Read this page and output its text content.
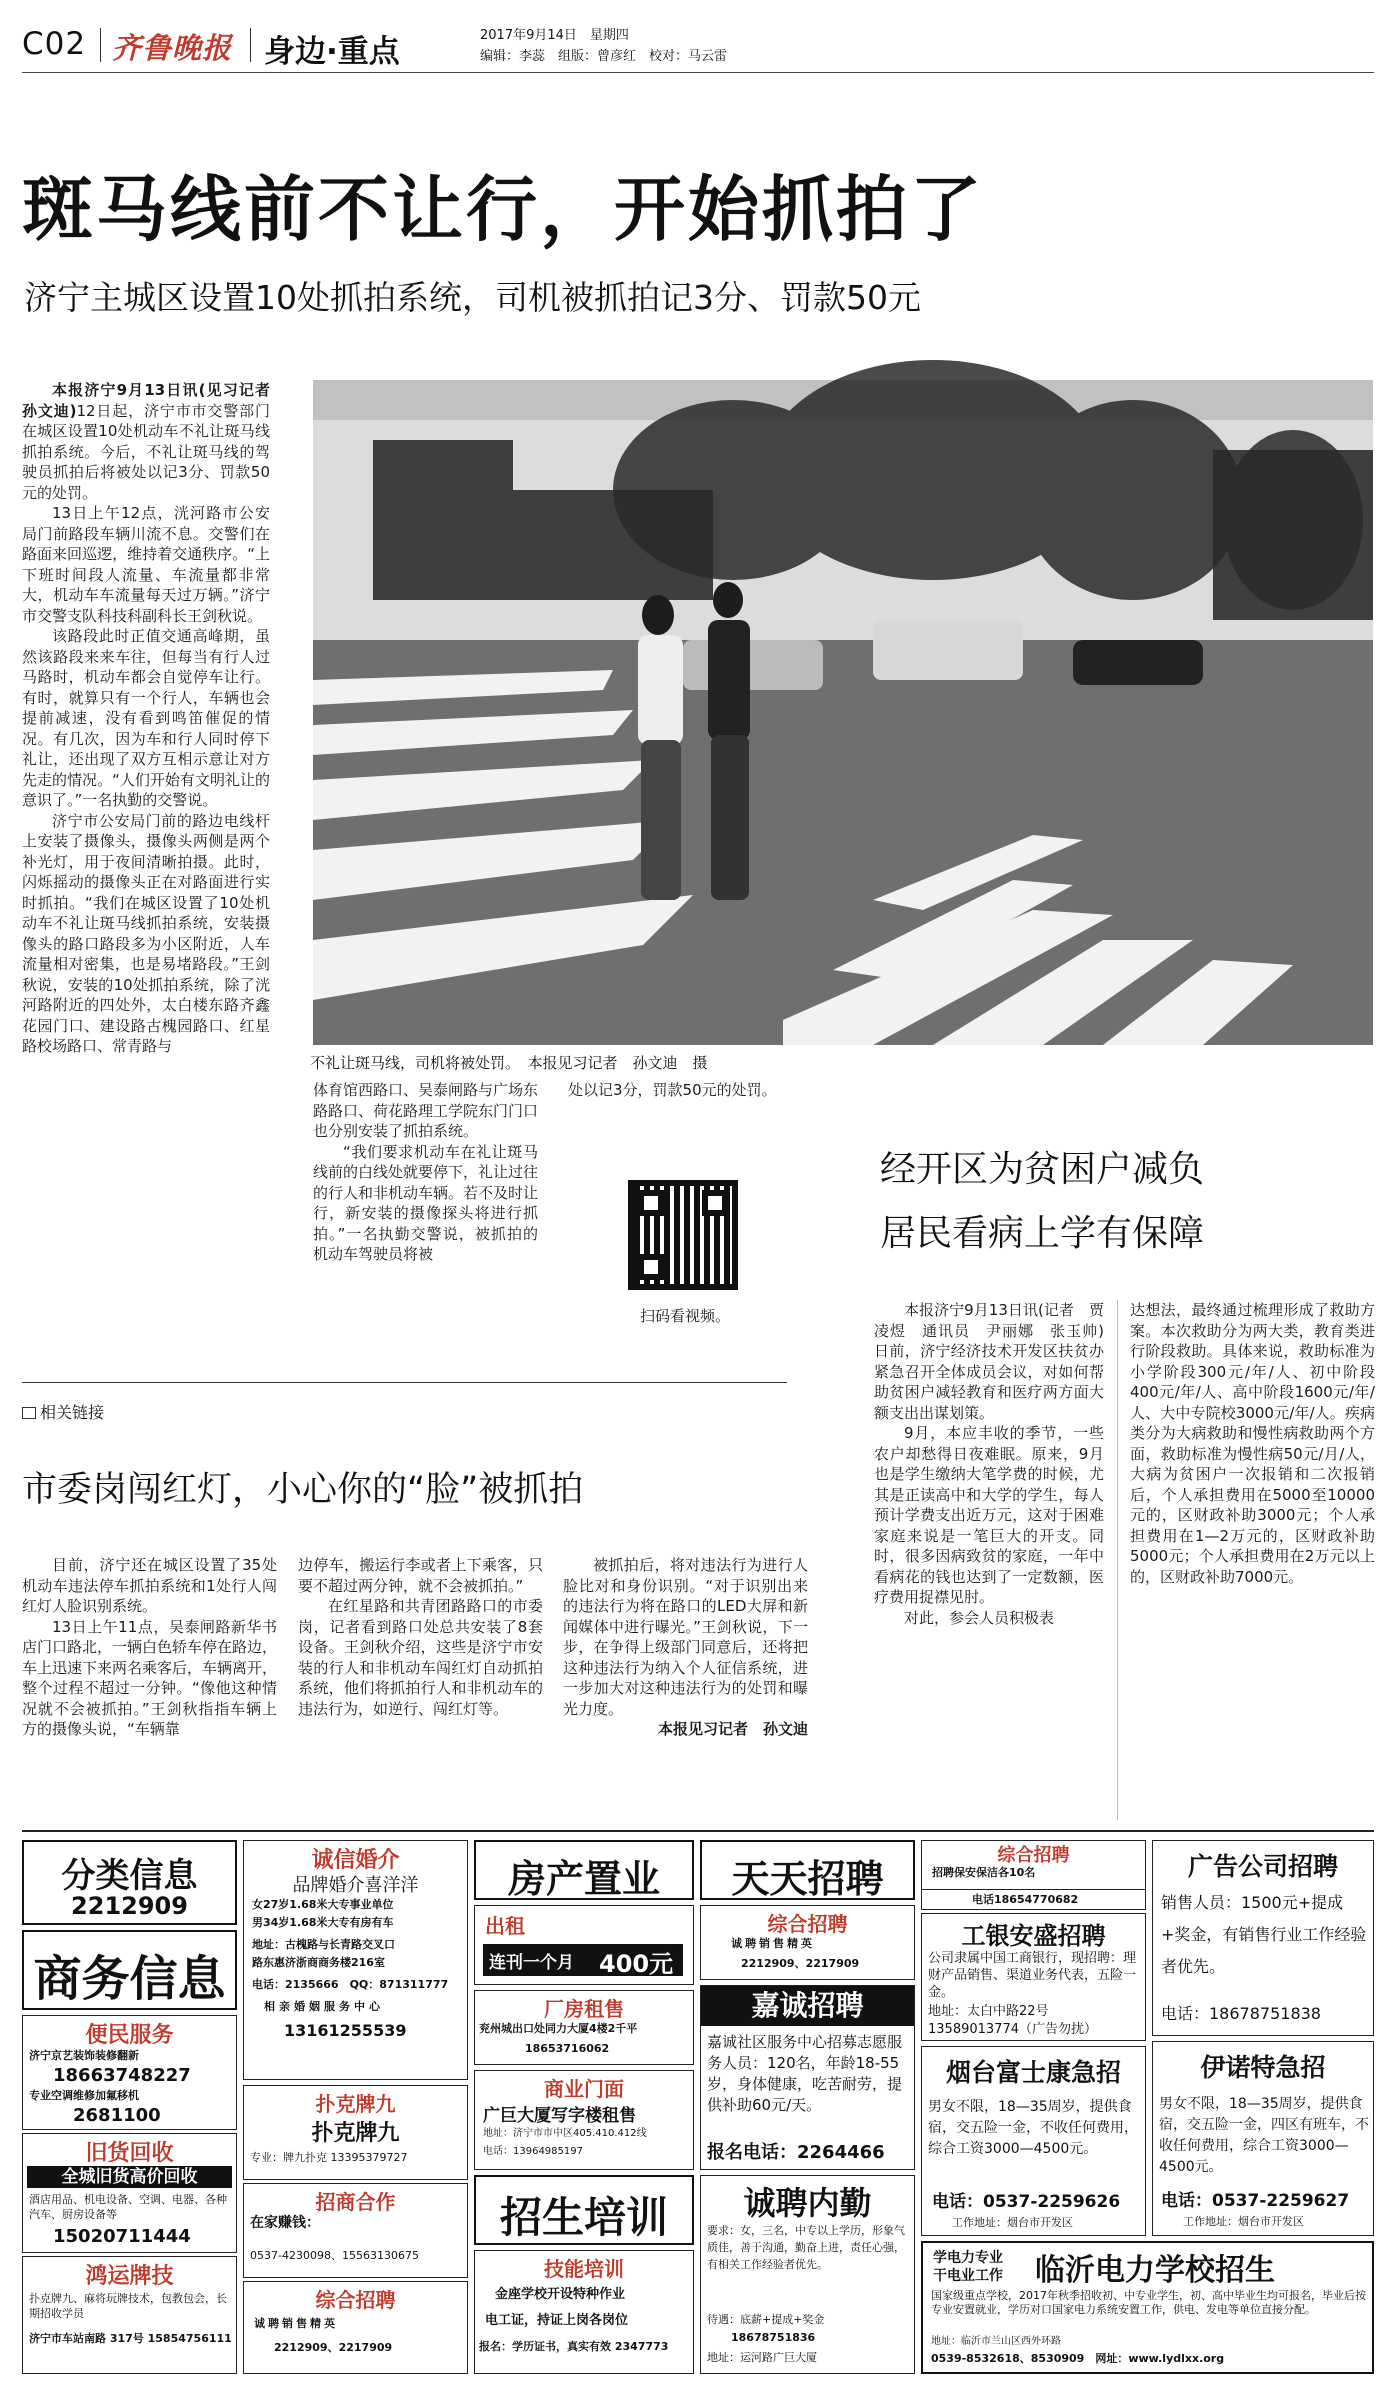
C02 齐鲁晚报 身边·重点	2017年9月14日　星期四
编辑：李蕊　组版：曾彦红　校对：马云雷
斑马线前不让行，开始抓拍了
济宁主城区设置10处抓拍系统，司机被抓拍记3分、罚款50元

本报济宁9月13日讯(见习记者　孙文迪)12日起，济宁市市交警部门在城区设置10处机动车不礼让斑马线抓拍系统。今后，不礼让斑马线的驾驶员抓拍后将被处以记3分、罚款50元的处罚。

13日上午12点，洸河路市公安局门前路段车辆川流不息。交警们在路面来回巡逻，维持着交通秩序。“上下班时间段人流量、车流量都非常大，机动车车流量每天过万辆。”济宁市交警支队科技科副科长王剑秋说。

该路段此时正值交通高峰期，虽然该路段来来车往，但每当有行人过马路时，机动车都会自觉停车让行。有时，就算只有一个行人，车辆也会提前减速，没有看到鸣笛催促的情况。有几次，因为车和行人同时停下礼让，还出现了双方互相示意让对方先走的情况。“人们开始有文明礼让的意识了。”一名执勤的交警说。

济宁市公安局门前的路边电线杆上安装了摄像头，摄像头两侧是两个补光灯，用于夜间清晰拍摄。此时，闪烁摇动的摄像头正在对路面进行实时抓拍。“我们在城区设置了10处机动车不礼让斑马线抓拍系统，安装摄像头的路口路段多为小区附近，人车流量相对密集，也是易堵路段。”王剑秋说，安装的10处抓拍系统，除了洸河路附近的四处外，太白楼东路齐鑫花园门口、建设路古槐园路口、红星路校场路口、常青路与

不礼让斑马线，司机将被处罚。　本报见习记者　孙文迪　摄

体育馆西路口、吴泰闸路与广场东路路口、荷花路理工学院东门门口也分别安装了抓拍系统。

“我们要求机动车在礼让斑马线前的白线处就要停下，礼让过往的行人和非机动车辆。若不及时让行，新安装的摄像探头将进行抓拍。”一名执勤交警说，被抓拍的机动车驾驶员将被

处以记3分，罚款50元的处罚。

扫码看视频。
经开区为贫困户减负
居民看病上学有保障

本报济宁9月13日讯(记者　贾凌煜　通讯员　尹丽娜　张玉帅)　日前，济宁经济技术开发区扶贫办紧急召开全体成员会议，对如何帮助贫困户减轻教育和医疗两方面大额支出出谋划策。

9月，本应丰收的季节，一些农户却愁得日夜难眠。原来，9月也是学生缴纳大笔学费的时候，尤其是正读高中和大学的学生，每人预计学费支出近万元，这对于困难家庭来说是一笔巨大的开支。同时，很多因病致贫的家庭，一年中看病花的钱也达到了一定数额，医疗费用捉襟见肘。

对此，参会人员积极表

达想法，最终通过梳理形成了救助方案。本次救助分为两大类，教育类进行阶段救助。具体来说，救助标准为小学阶段300元/年/人、初中阶段400元/年/人、高中阶段1600元/年/人、大中专院校3000元/年/人。疾病类分为大病救助和慢性病救助两个方面，救助标准为慢性病50元/月/人，大病为贫困户一次报销和二次报销后，个人承担费用在5000至10000元的，区财政补助3000元；个人承担费用在1—2万元的，区财政补助5000元；个人承担费用在2万元以上的，区财政补助7000元。

相关链接
市委岗闯红灯，小心你的“脸”被抓拍

目前，济宁还在城区设置了35处机动车违法停车抓拍系统和1处行人闯红灯人脸识别系统。

13日上午11点，吴泰闸路新华书店门口路北，一辆白色轿车停在路边，车上迅速下来两名乘客后，车辆离开，整个过程不超过一分钟。“像他这种情况就不会被抓拍。”王剑秋指指车辆上方的摄像头说，“车辆靠

边停车，搬运行李或者上下乘客，只要不超过两分钟，就不会被抓拍。”

在红星路和共青团路路口的市委岗，记者看到路口处总共安装了8套设备。王剑秋介绍，这些是济宁市安装的行人和非机动车闯红灯自动抓拍系统，他们将抓拍行人和非机动车的违法行为，如逆行、闯红灯等。

被抓拍后，将对违法行为进行人脸比对和身份识别。“对于识别出来的违法行为将在路口的LED大屏和新闻媒体中进行曝光。”王剑秋说，下一步，在争得上级部门同意后，还将把这种违法行为纳入个人征信系统，进一步加大对这种违法行为的处罚和曝光力度。

本报见习记者　孙文迪

分类信息
2212909
商务信息
便民服务
济宁京艺装饰装修翻新
18663748227
专业空调维修加氟移机
2681100
旧货回收
全城旧货高价回收
酒店用品、机电设备、空调、电器、各种汽车、厨房设备等
15020711444
鸿运牌技
扑克牌九、麻将玩牌技术，包教包会，长期招收学员
济宁市车站南路 317号 15854756111
诚信婚介
品牌婚介喜洋洋
女27岁1.68米大专事业单位
男34岁1.68米大专有房有车
地址：古槐路与长青路交叉口
路东惠济浙商商务楼216室
电话：2135666　QQ：871311777
相亲婚姻服务中心
13161255539
扑克牌九
扑克牌九
专业：牌九扑克 13395379727
招商合作
在家赚钱：
0537-4230098、15563130675
综合招聘
诚聘销售精英
2212909、2217909
房产置业
出租
连刊一个月 400元
厂房租售
兖州城出口处同力大厦4楼2千平
18653716062
商业门面
广巨大厦写字楼租售
地址：济宁市市中区405.410.412线
电话：13964985197
招生培训
技能培训
金座学校开设特种作业
电工证，持证上岗各岗位
报名：学历证书，真实有效 2347773
天天招聘
综合招聘
诚聘销售精英
2212909、2217909
嘉诚招聘
嘉诚社区服务中心招募志愿服务人员：120名，年龄18-55岁，身体健康，吃苦耐劳，提供补助60元/天。
报名电话：2264466
诚聘内勤
要求：女，三名，中专以上学历，形象气质佳，善于沟通，勤奋上进，责任心强，有相关工作经验者优先。
待遇：底薪+提成+奖金
18678751836
地址：运河路广巨大厦
综合招聘
招聘保安保洁各10名
电话18654770682
工银安盛招聘
公司隶属中国工商银行，现招聘：理财产品销售、渠道业务代表，五险一金。
地址：太白中路22号
13589013774（广告勿扰）
烟台富士康急招
男女不限，18—35周岁，提供食宿，交五险一金，不收任何费用，综合工资3000—4500元。
电话：0537-2259626
工作地址：烟台市开发区
广告公司招聘
销售人员：1500元+提成+奖金，有销售行业工作经验者优先。
电话：18678751838
伊诺特急招
男女不限，18—35周岁，提供食宿，交五险一金，四区有班车，不收任何费用，综合工资3000—4500元。
电话：0537-2259627
工作地址：烟台市开发区
学电力专业
干电业工作 临沂电力学校招生
国家级重点学校，2017年秋季招收初、中专业学生，初、高中毕业生均可报名，毕业后按专业安置就业，学历对口国家电力系统安置工作，供电、发电等单位直接分配。
地址：临沂市兰山区西外环路
0539-8532618、8530909　网址：www.lydlxx.org
